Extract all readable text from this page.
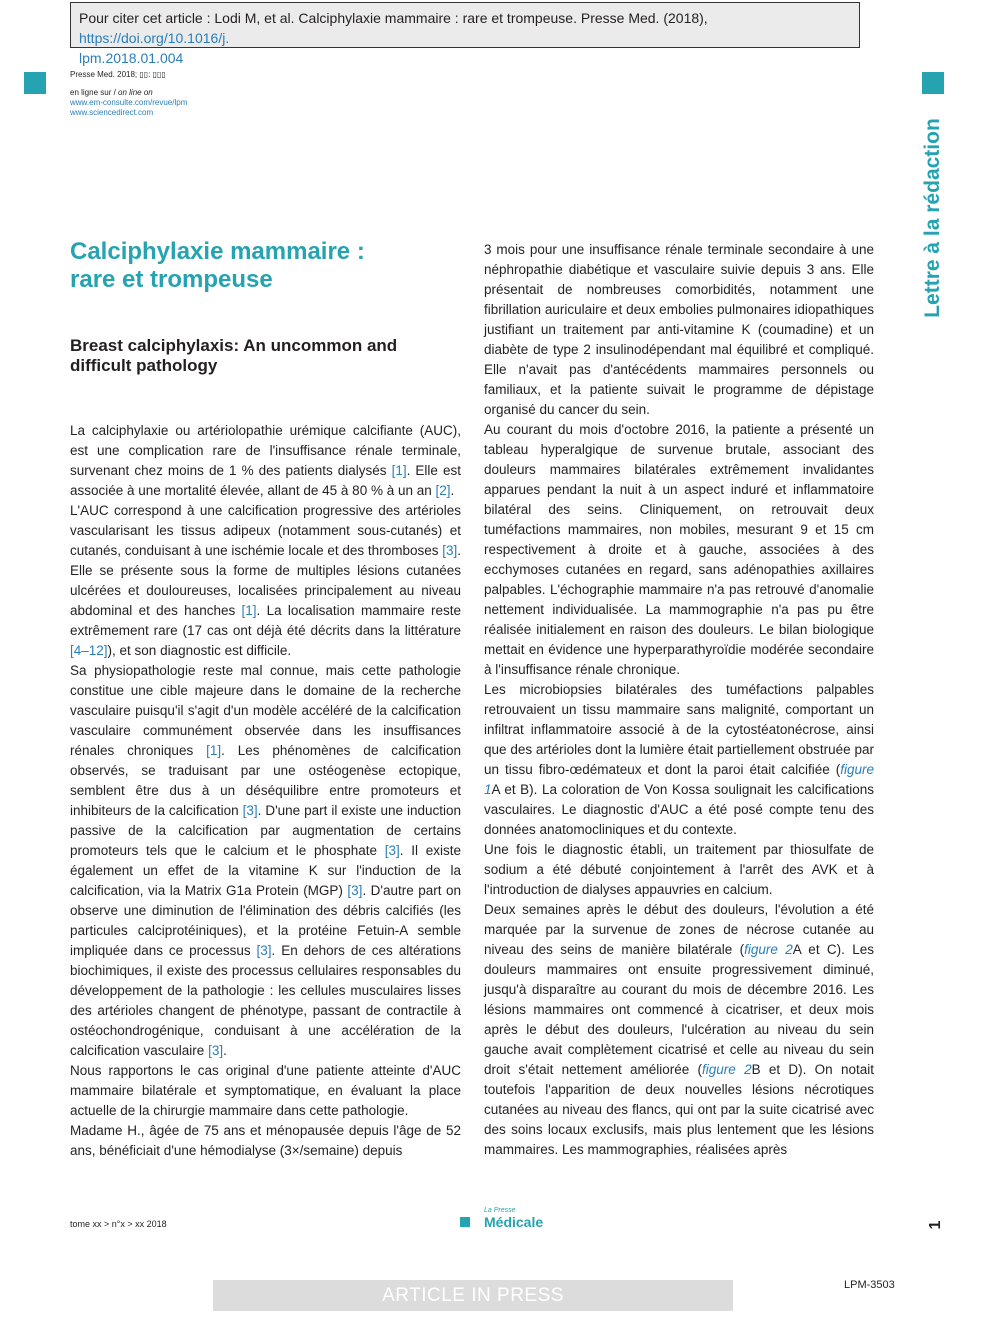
Pour citer cet article : Lodi M, et al. Calciphylaxie mammaire : rare et trompeuse. Presse Med. (2018), https://doi.org/10.1016/j.
lpm.2018.01.004
Presse Med. 2018; ▯▯: ▯▯▯
en ligne sur / on line on
www.em-consulte.com/revue/lpm
www.sciencedirect.com
Lettre à la rédaction
Calciphylaxie mammaire : rare et trompeuse
Breast calciphylaxis: An uncommon and difficult pathology

La calciphylaxie ou artériolopathie urémique calcifiante (AUC), est une complication rare de l'insuffisance rénale terminale, survenant chez moins de 1 % des patients dialysés [1]. Elle est associée à une mortalité élevée, allant de 45 à 80 % à un an [2].

L'AUC correspond à une calcification progressive des artérioles vascularisant les tissus adipeux (notamment sous-cutanés) et cutanés, conduisant à une ischémie locale et des thromboses [3]. Elle se présente sous la forme de multiples lésions cutanées ulcérées et douloureuses, localisées principalement au niveau abdominal et des hanches [1]. La localisation mammaire reste extrêmement rare (17 cas ont déjà été décrits dans la littérature [4–12]), et son diagnostic est difficile.

Sa physiopathologie reste mal connue, mais cette pathologie constitue une cible majeure dans le domaine de la recherche vasculaire puisqu'il s'agit d'un modèle accéléré de la calcification vasculaire communément observée dans les insuffisances rénales chroniques [1]. Les phénomènes de calcification observés, se traduisant par une ostéogenèse ectopique, semblent être dus à un déséquilibre entre promoteurs et inhibiteurs de la calcification [3]. D'une part il existe une induction passive de la calcification par augmentation de certains promoteurs tels que le calcium et le phosphate [3]. Il existe également un effet de la vitamine K sur l'induction de la calcification, via la Matrix G1a Protein (MGP) [3]. D'autre part on observe une diminution de l'élimination des débris calcifiés (les particules calciprotéiniques), et la protéine Fetuin-A semble impliquée dans ce processus [3]. En dehors de ces altérations biochimiques, il existe des processus cellulaires responsables du développement de la pathologie : les cellules musculaires lisses des artérioles changent de phénotype, passant de contractile à ostéochondrogénique, conduisant à une accélération de la calcification vasculaire [3].

Nous rapportons le cas original d'une patiente atteinte d'AUC mammaire bilatérale et symptomatique, en évaluant la place actuelle de la chirurgie mammaire dans cette pathologie.

Madame H., âgée de 75 ans et ménopausée depuis l'âge de 52 ans, bénéficiait d'une hémodialyse (3×/semaine) depuis

3 mois pour une insuffisance rénale terminale secondaire à une néphropathie diabétique et vasculaire suivie depuis 3 ans. Elle présentait de nombreuses comorbidités, notamment une fibrillation auriculaire et deux embolies pulmonaires idiopathiques justifiant un traitement par anti-vitamine K (coumadine) et un diabète de type 2 insulinodépendant mal équilibré et compliqué. Elle n'avait pas d'antécédents mammaires personnels ou familiaux, et la patiente suivait le programme de dépistage organisé du cancer du sein.

Au courant du mois d'octobre 2016, la patiente a présenté un tableau hyperalgique de survenue brutale, associant des douleurs mammaires bilatérales extrêmement invalidantes apparues pendant la nuit à un aspect induré et inflammatoire bilatéral des seins. Cliniquement, on retrouvait deux tuméfactions mammaires, non mobiles, mesurant 9 et 15 cm respectivement à droite et à gauche, associées à des ecchymoses cutanées en regard, sans adénopathies axillaires palpables. L'échographie mammaire n'a pas retrouvé d'anomalie nettement individualisée. La mammographie n'a pas pu être réalisée initialement en raison des douleurs. Le bilan biologique mettait en évidence une hyperparathyroïdie modérée secondaire à l'insuffisance rénale chronique.

Les microbiopsies bilatérales des tuméfactions palpables retrouvaient un tissu mammaire sans malignité, comportant un infiltrat inflammatoire associé à de la cytostéatonécrose, ainsi que des artérioles dont la lumière était partiellement obstruée par un tissu fibro-œdémateux et dont la paroi était calcifiée (figure 1A et B). La coloration de Von Kossa soulignait les calcifications vasculaires. Le diagnostic d'AUC a été posé compte tenu des données anatomocliniques et du contexte.

Une fois le diagnostic établi, un traitement par thiosulfate de sodium a été débuté conjointement à l'arrêt des AVK et à l'introduction de dialyses appauvries en calcium.

Deux semaines après le début des douleurs, l'évolution a été marquée par la survenue de zones de nécrose cutanée au niveau des seins de manière bilatérale (figure 2A et C). Les douleurs mammaires ont ensuite progressivement diminué, jusqu'à disparaître au courant du mois de décembre 2016. Les lésions mammaires ont commencé à cicatriser, et deux mois après le début des douleurs, l'ulcération au niveau du sein gauche avait complètement cicatrisé et celle au niveau du sein droit s'était nettement améliorée (figure 2B et D). On notait toutefois l'apparition de deux nouvelles lésions nécrotiques cutanées au niveau des flancs, qui ont par la suite cicatrisé avec des soins locaux exclusifs, mais plus lentement que les lésions mammaires. Les mammographies, réalisées après

tome xx > n°x > xx 2018
La Presse
Médicale	1
ARTICLE IN PRESS	LPM-3503
